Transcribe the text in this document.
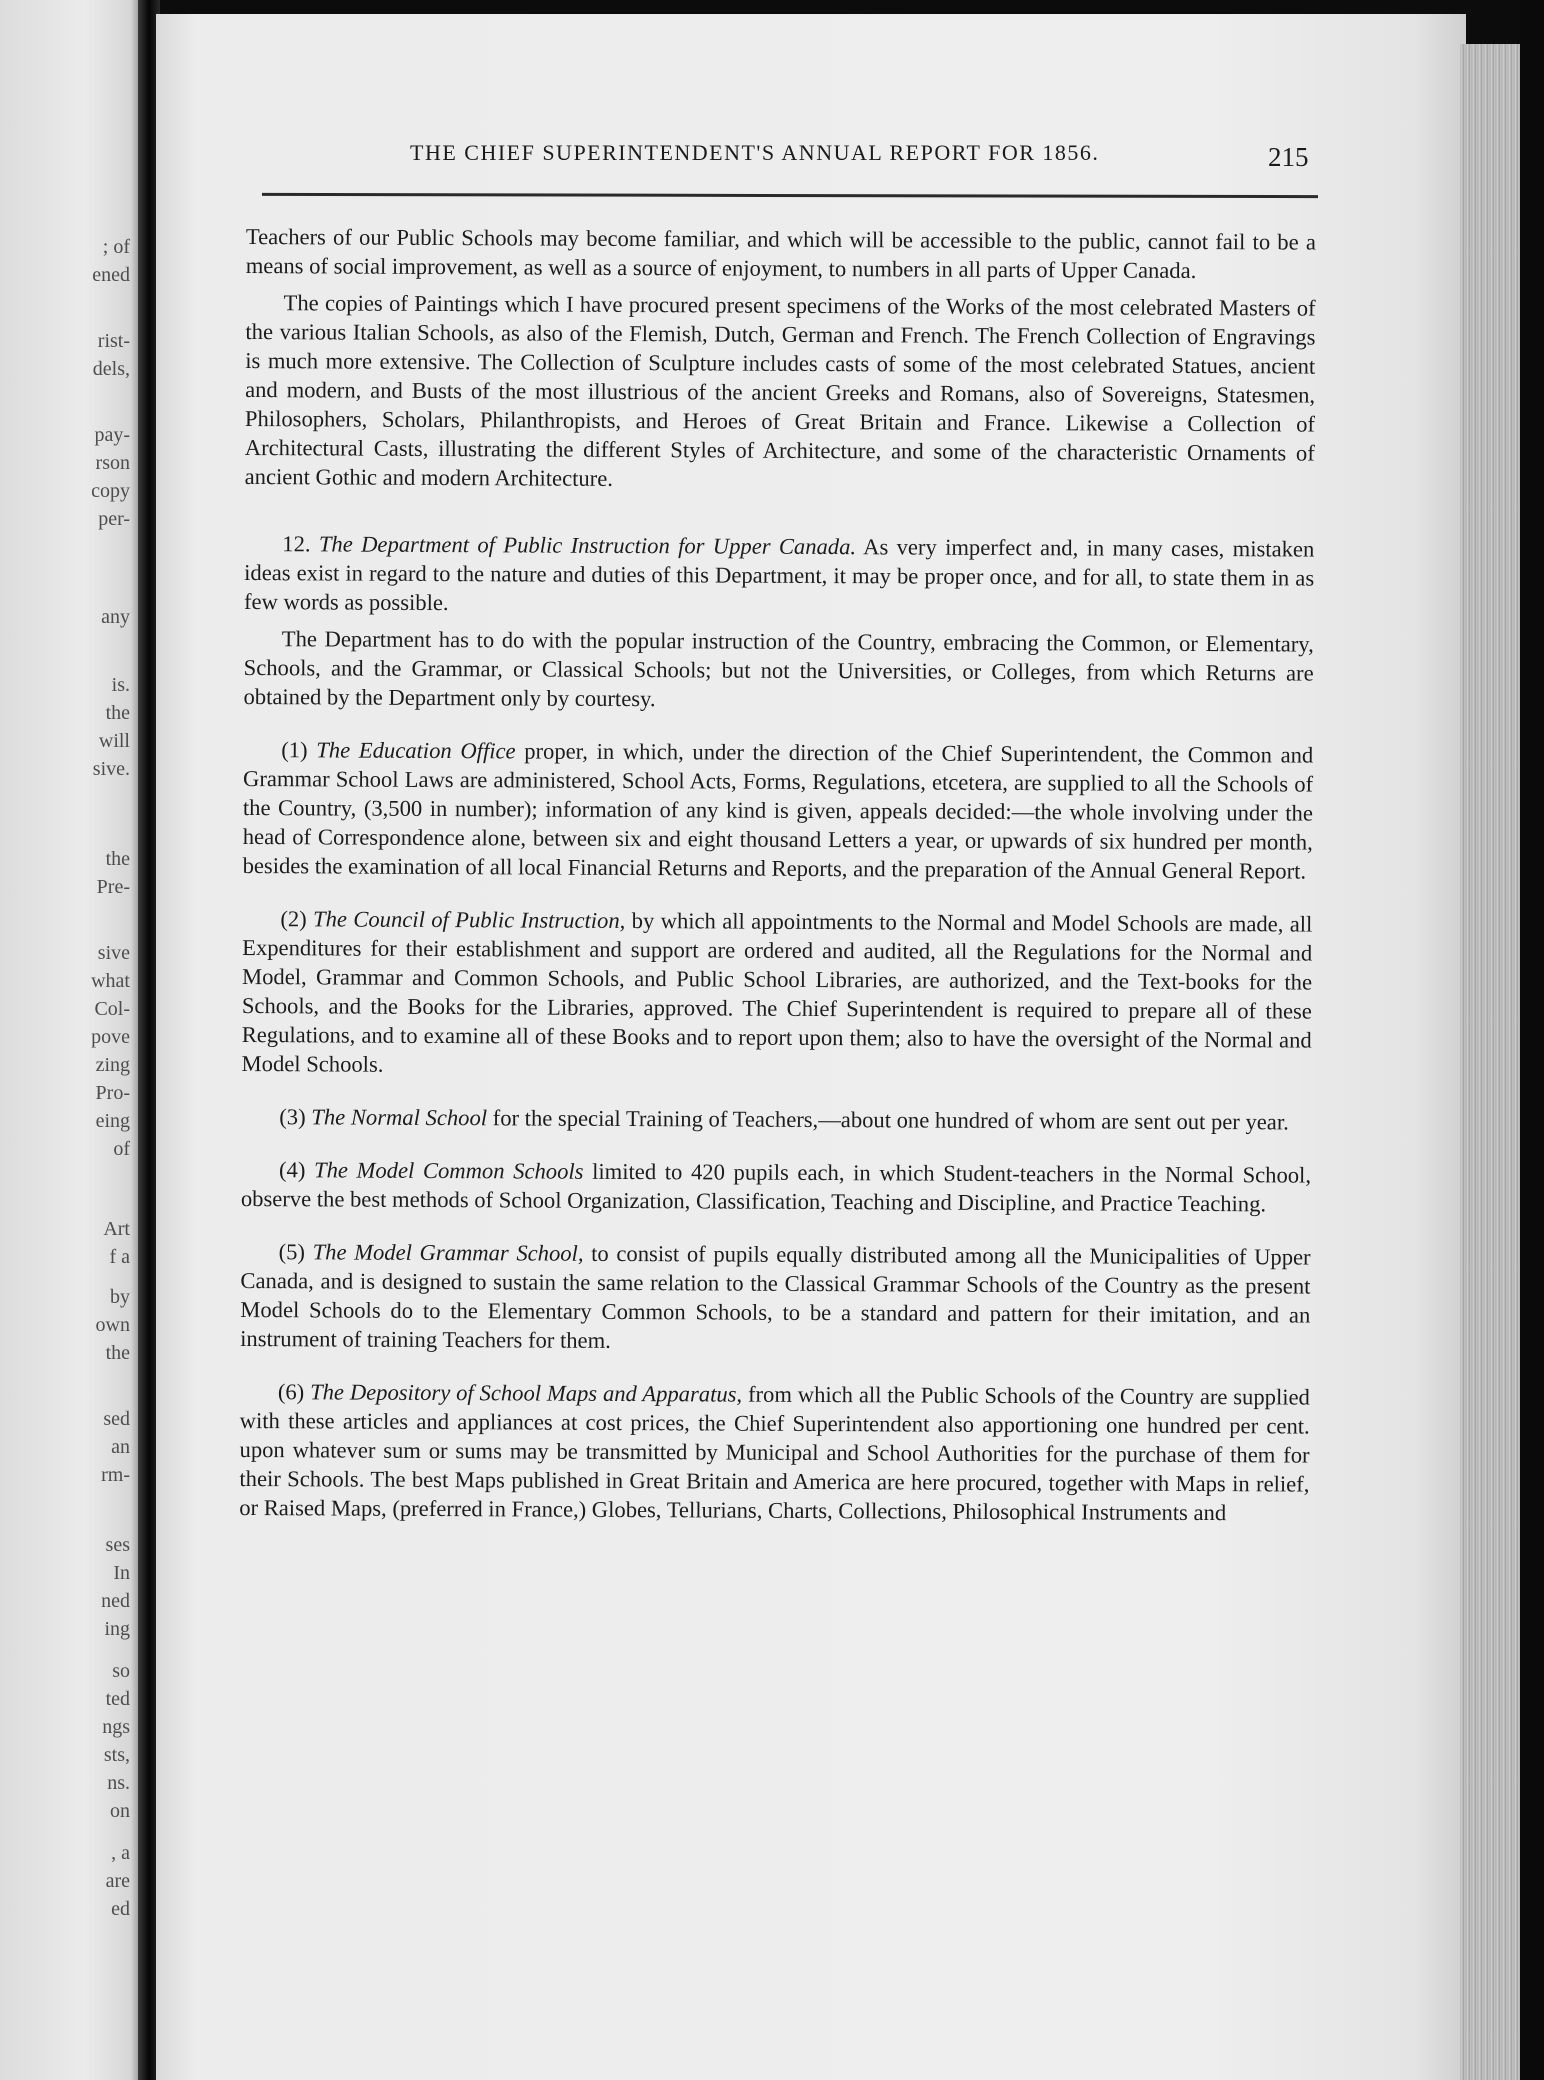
; of
ened
rist-
dels,
pay-
rson
copy
per-
any
is.
the
will
sive.
the
Pre-
sive
what
Col-
pove
zing
Pro-
eing
of
Art
f a
by
own
the
sed
an
rm-
ses
In
ned
ing
so
ted
ngs
sts,
ns.
on
, a
are
ed
THE CHIEF SUPERINTENDENT'S ANNUAL REPORT FOR 1856.	215

Teachers of our Public Schools may become familiar, and which will be accessible to the public, cannot fail to be a means of social improvement, as well as a source of enjoyment, to numbers in all parts of Upper Canada.

The copies of Paintings which I have procured present specimens of the Works of the most celebrated Masters of the various Italian Schools, as also of the Flemish, Dutch, German and French. The French Collection of Engravings is much more extensive. The Collection of Sculpture includes casts of some of the most celebrated Statues, ancient and modern, and Busts of the most illustrious of the ancient Greeks and Romans, also of Sovereigns, Statesmen, Philosophers, Scholars, Philanthropists, and Heroes of Great Britain and France. Likewise a Collection of Architectural Casts, illustrating the different Styles of Architecture, and some of the characteristic Ornaments of ancient Gothic and modern Architecture.

12. The Department of Public Instruction for Upper Canada. As very imperfect and, in many cases, mistaken ideas exist in regard to the nature and duties of this Department, it may be proper once, and for all, to state them in as few words as possible.

The Department has to do with the popular instruction of the Country, embracing the Common, or Elementary, Schools, and the Grammar, or Classical Schools; but not the Universities, or Colleges, from which Returns are obtained by the Department only by courtesy.

(1) The Education Office proper, in which, under the direction of the Chief Superintendent, the Common and Grammar School Laws are administered, School Acts, Forms, Regulations, etcetera, are supplied to all the Schools of the Country, (3,500 in number); information of any kind is given, appeals decided:—the whole involving under the head of Correspondence alone, between six and eight thousand Letters a year, or upwards of six hundred per month, besides the examination of all local Financial Returns and Reports, and the preparation of the Annual General Report.

(2) The Council of Public Instruction, by which all appointments to the Normal and Model Schools are made, all Expenditures for their establishment and support are ordered and audited, all the Regulations for the Normal and Model, Grammar and Common Schools, and Public School Libraries, are authorized, and the Text-books for the Schools, and the Books for the Libraries, approved. The Chief Superintendent is required to prepare all of these Regulations, and to examine all of these Books and to report upon them; also to have the oversight of the Normal and Model Schools.

(3) The Normal School for the special Training of Teachers,—about one hundred of whom are sent out per year.

(4) The Model Common Schools limited to 420 pupils each, in which Student-teachers in the Normal School, observe the best methods of School Organization, Classification, Teaching and Discipline, and Practice Teaching.

(5) The Model Grammar School, to consist of pupils equally distributed among all the Municipalities of Upper Canada, and is designed to sustain the same relation to the Classical Grammar Schools of the Country as the present Model Schools do to the Elementary Common Schools, to be a standard and pattern for their imitation, and an instrument of training Teachers for them.

(6) The Depository of School Maps and Apparatus, from which all the Public Schools of the Country are supplied with these articles and appliances at cost prices, the Chief Superintendent also apportioning one hundred per cent. upon whatever sum or sums may be transmitted by Municipal and School Authorities for the purchase of them for their Schools. The best Maps published in Great Britain and America are here procured, together with Maps in relief, or Raised Maps, (preferred in France,) Globes, Tellurians, Charts, Collections, Philosophical Instruments and
